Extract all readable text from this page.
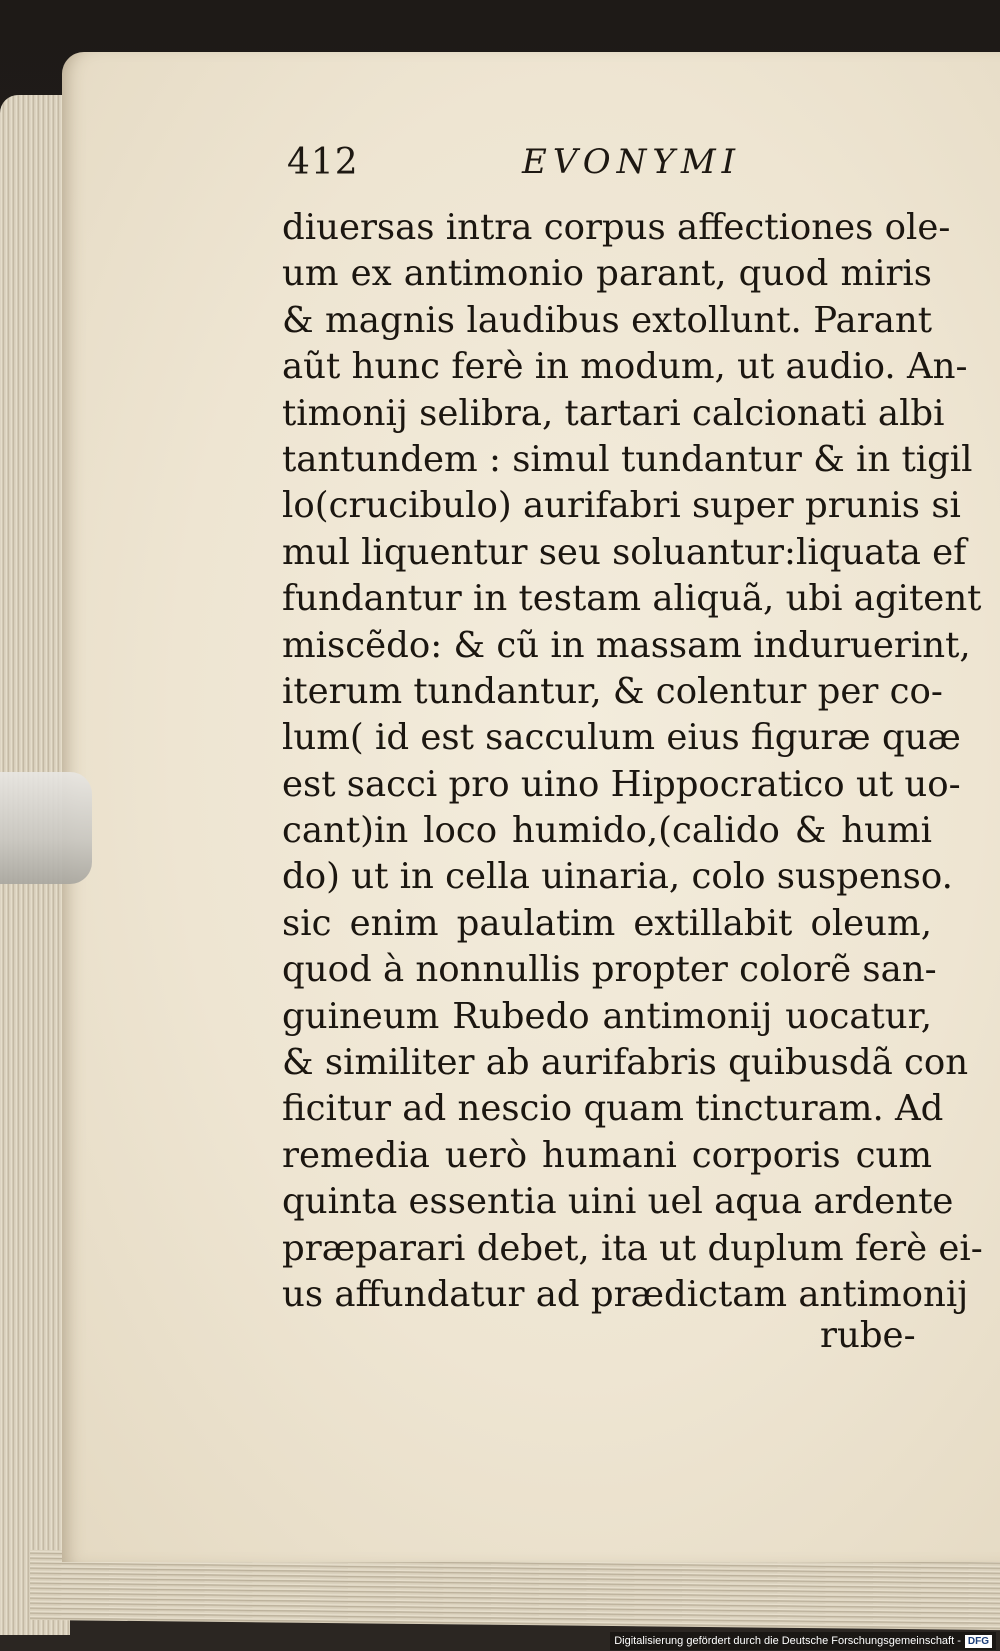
412	EVONYMI
diuersas intra corpus affectiones ole-
um ex antimonio parant, quod miris
& magnis laudibus extollunt. Parant
aũt hunc ferè in modum, ut audio. An-
timonij selibra, tartari calcionati albi
tantundem : simul tundantur & in tigil
lo(crucibulo) aurifabri super prunis si
mul liquentur seu soluantur:liquata ef
fundantur in testam aliquã, ubi agitent
miscẽdo: & cũ in massam induruerint,
iterum tundantur, & colentur per co-
lum( id est sacculum eius figuræ quæ
est sacci pro uino Hippocratico ut uo-
cant)in loco humido,(calido & humi
do) ut in cella uinaria, colo suspenso.
sic enim paulatim extillabit oleum,
quod à nonnullis propter colorẽ san-
guineum Rubedo antimonij uocatur,
& similiter ab aurifabris quibusdã con
ficitur ad nescio quam tincturam. Ad
remedia uerò humani corporis cum
quinta essentia uini uel aqua ardente
præparari debet, ita ut duplum ferè ei-
us affundatur ad prædictam antimonij
rube-
Digitalisierung gefördert durch die Deutsche Forschungsgemeinschaft - DFG
